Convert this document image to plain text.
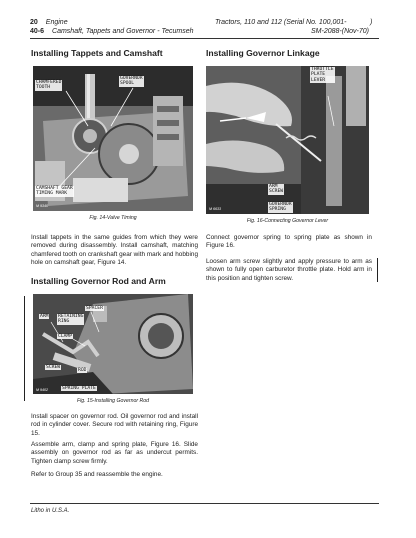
20 Engine	Tractors, 110 and 112 (Serial No. 100,001-	)
40-6 Camshaft, Tappets and Governor - Tecumseh	SM-2088-(Nov-70)
Installing Tappets and Camshaft
CHAMFERED
TOOTH
GOVERNOR
SPOOL
CAMSHAFT GEAR
TIMING MARK
M 9340
Fig. 14-Valve Timing
Install tappets in the same guides from which they were removed during disassembly. Install camshaft, matching chamfered tooth on crankshaft gear with mark and hobbing hole on camshaft gear, Figure 14.
Installing Governor Rod and Arm
SPACER
ARM RETAINING
RING
CLAMP
SCREW
ROD
SPRING PLATE
M 9402
Fig. 15-Installing Governor Rod
Install spacer on governor rod. Oil governor rod and install rod in cylinder cover. Secure rod with retaining ring, Figure 15.
Assemble arm, clamp and spring plate, Figure 16. Slide assembly on governor rod as far as undercut permits. Tighten clamp screw firmly.
Refer to Group 35 and reassemble the engine.
Installing Governor Linkage
THROTTLE
PLATE
LEVER
ARM
SCREW
GOVERNOR
SPRING
M 6633
Fig. 16-Connecting Governor Lever
Connect governor spring to spring plate as shown in Figure 16.
Loosen arm screw slightly and apply pressure to arm as shown to fully open carburetor throttle plate. Hold arm in this position and tighten screw.
Litho in U.S.A.
